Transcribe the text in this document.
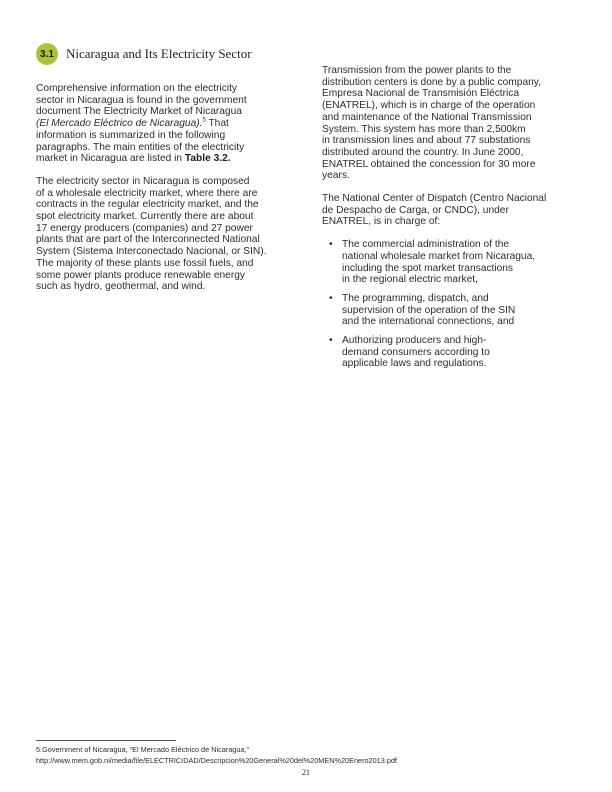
3.1 Nicaragua and Its Electricity Sector

Comprehensive information on the electricity
sector in Nicaragua is found in the government
document The Electricity Market of Nicaragua
(El Mercado Eléctrico de Nicaragua).$^5$ That
information is summarized in the following
paragraphs. The main entities of the electricity
market in Nicaragua are listed in Table 3.2.

The electricity sector in Nicaragua is composed
of a wholesale electricity market, where there are
contracts in the regular electricity market, and the
spot electricity market. Currently there are about
17 energy producers (companies) and 27 power
plants that are part of the Interconnected National
System (Sistema Interconectado Nacional, or SIN).
The majority of these plants use fossil fuels, and
some power plants produce renewable energy
such as hydro, geothermal, and wind.

Transmission from the power plants to the
distribution centers is done by a public company,
Empresa Nacional de Transmisión Eléctrica
(ENATREL), which is in charge of the operation
and maintenance of the National Transmission
System. This system has more than 2,500km
in transmission lines and about 77 substations
distributed around the country. In June 2000,
ENATREL obtained the concession for 30 more
years.

The National Center of Dispatch (Centro Nacional
de Despacho de Carga, or CNDC), under
ENATREL, is in charge of:

• The commercial administration of the
national wholesale market from Nicaragua,
including the spot market transactions
in the regional electric market,
• The programming, dispatch, and
supervision of the operation of the SIN
and the international connections, and
• Authorizing producers and high-
demand consumers according to
applicable laws and regulations.
5.Government of Nicaragua, “El Mercado Eléctrico de Nicaragua,”
http://www.mem.gob.ni/media/file/ELECTRICIDAD/Descripcion%20General%20del%20MEN%20Enero2013.pdf.
21
